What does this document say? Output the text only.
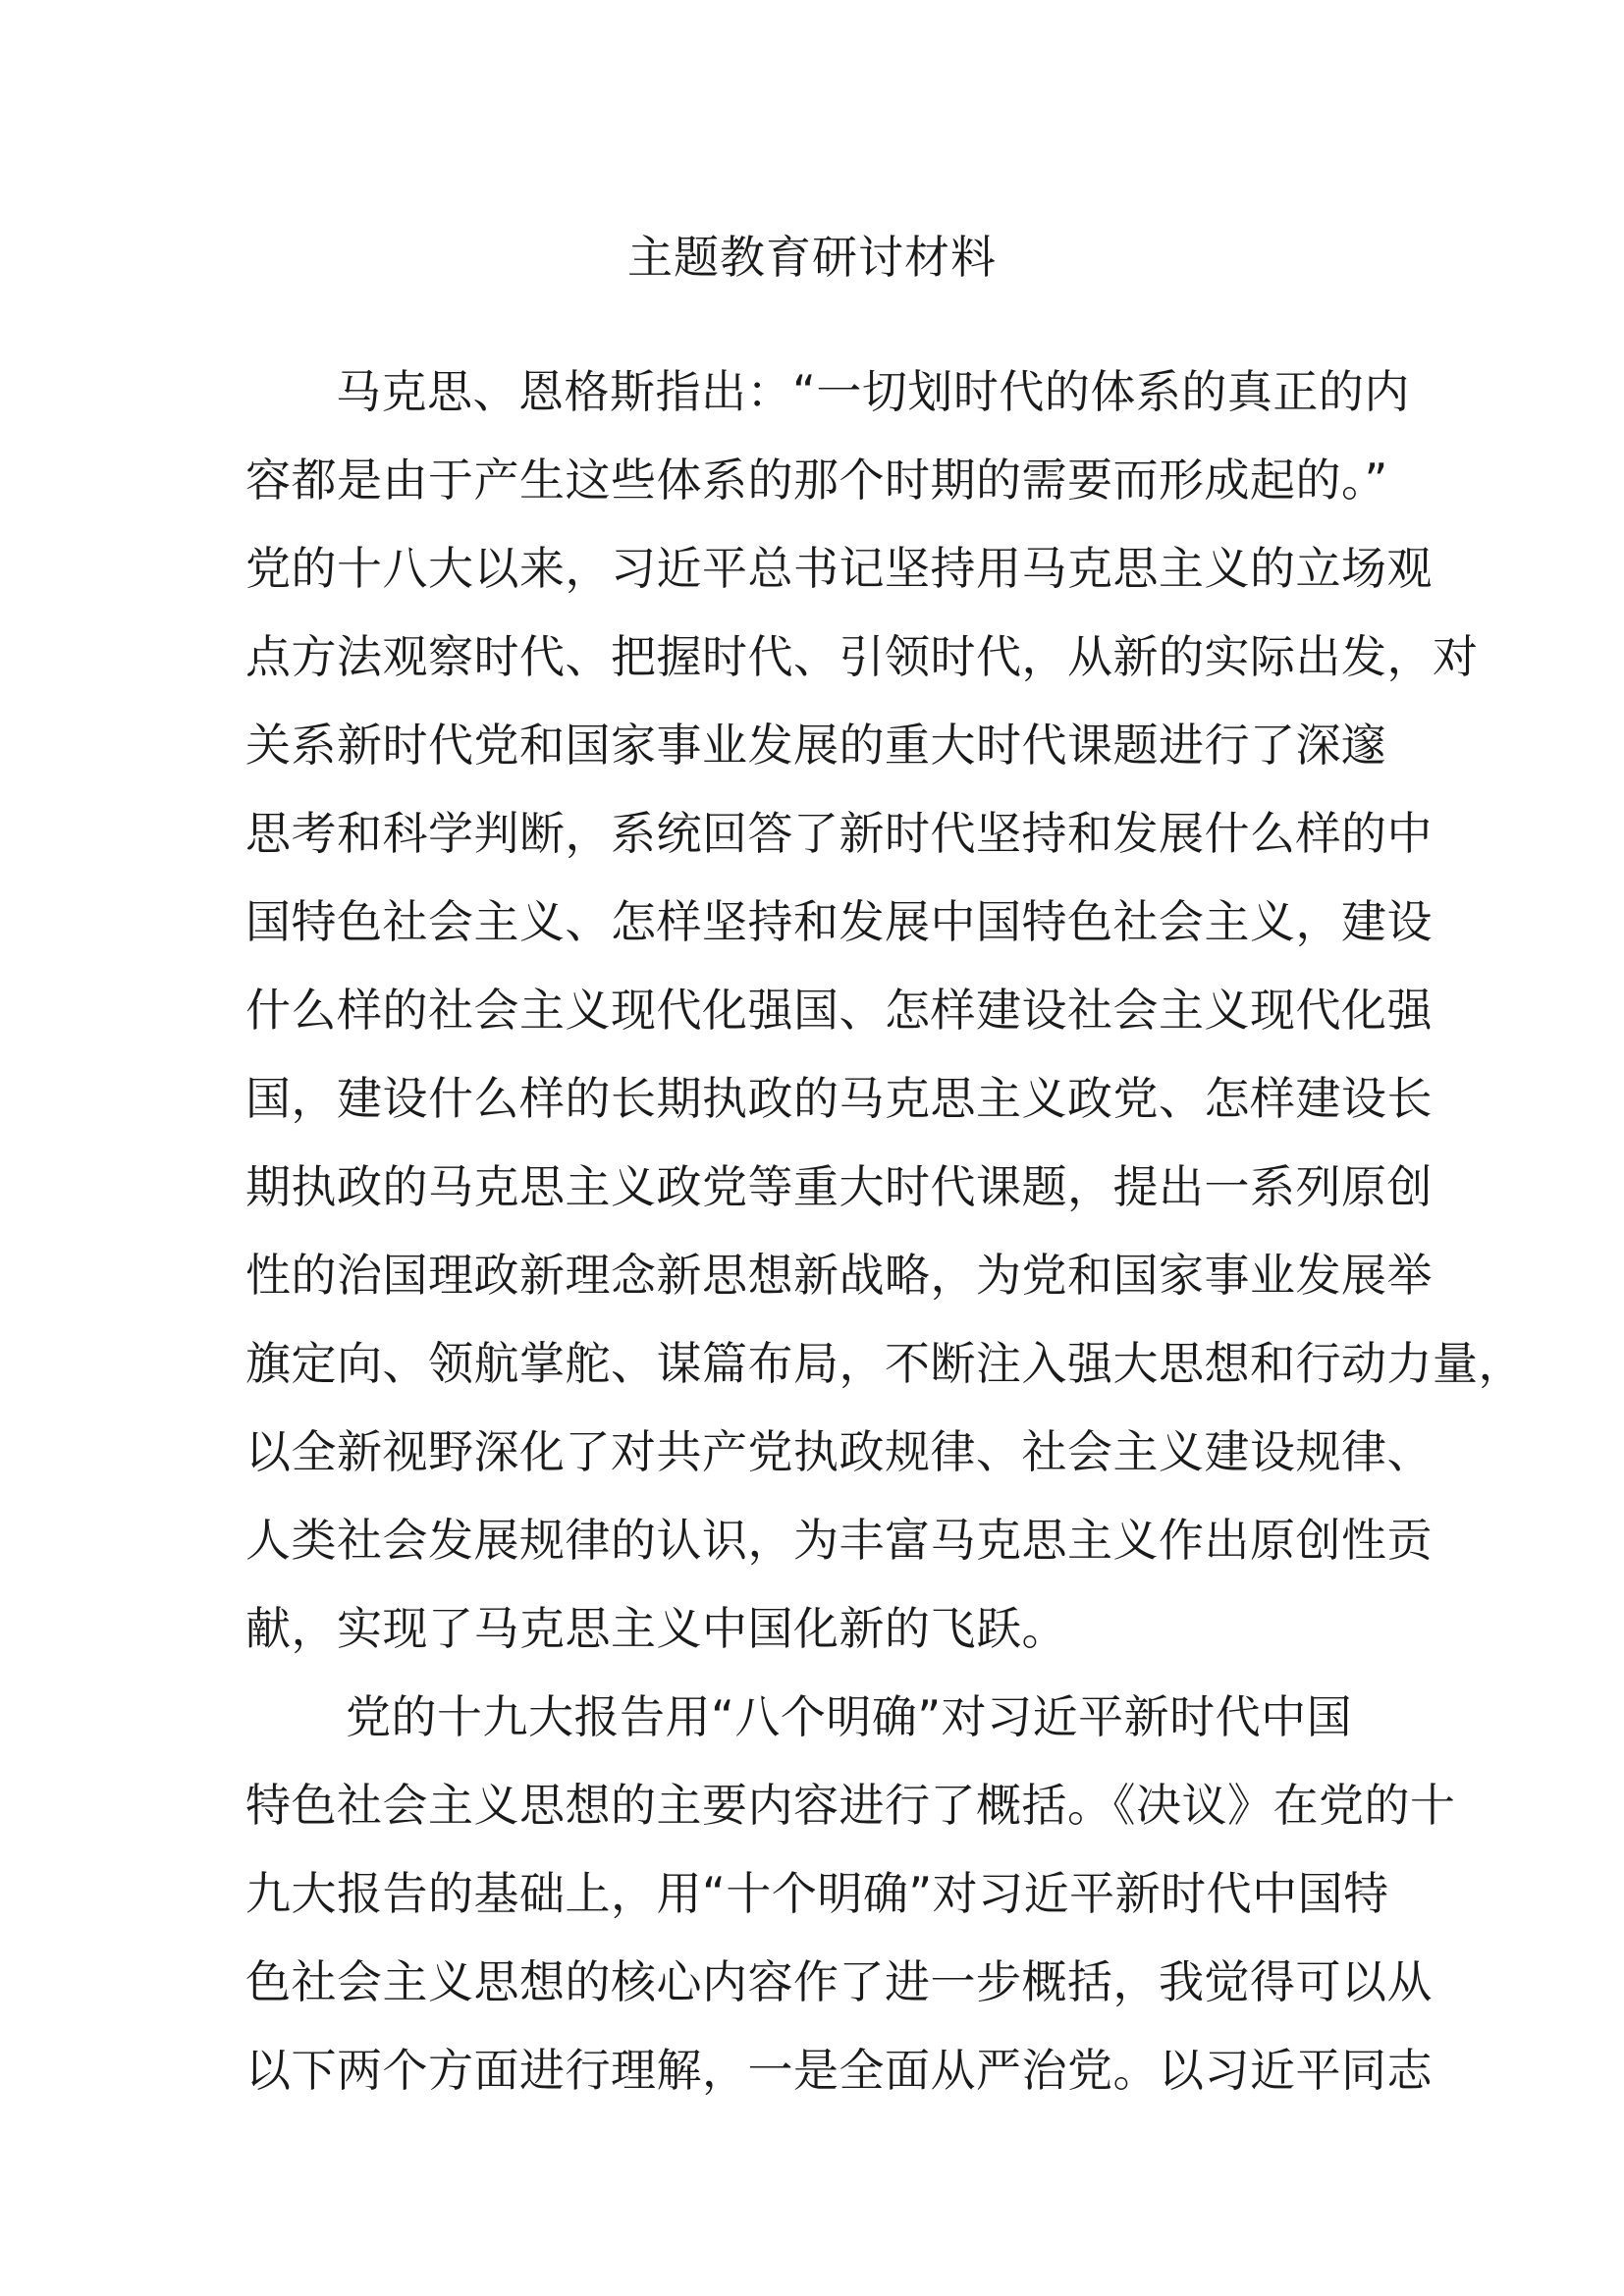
主题教育研讨材料
马克思、恩格斯指出：“一切划时代的体系的真正的内
容都是由于产生这些体系的那个时期的需要而形成起的。”
党的十八大以来，习近平总书记坚持用马克思主义的立场观
点方法观察时代、把握时代、引领时代，从新的实际出发，对
关系新时代党和国家事业发展的重大时代课题进行了深邃
思考和科学判断，系统回答了新时代坚持和发展什么样的中
国特色社会主义、怎样坚持和发展中国特色社会主义，建设
什么样的社会主义现代化强国、怎样建设社会主义现代化强
国，建设什么样的长期执政的马克思主义政党、怎样建设长
期执政的马克思主义政党等重大时代课题，提出一系列原创
性的治国理政新理念新思想新战略，为党和国家事业发展举
旗定向、领航掌舵、谋篇布局，不断注入强大思想和行动力量，
以全新视野深化了对共产党执政规律、社会主义建设规律、
人类社会发展规律的认识，为丰富马克思主义作出原创性贡
献，实现了马克思主义中国化新的飞跃。
党的十九大报告用“八个明确”对习近平新时代中国
特色社会主义思想的主要内容进行了概括。《决议》在党的十
九大报告的基础上，用“十个明确”对习近平新时代中国特
色社会主义思想的核心内容作了进一步概括，我觉得可以从
以下两个方面进行理解，一是全面从严治党。以习近平同志
